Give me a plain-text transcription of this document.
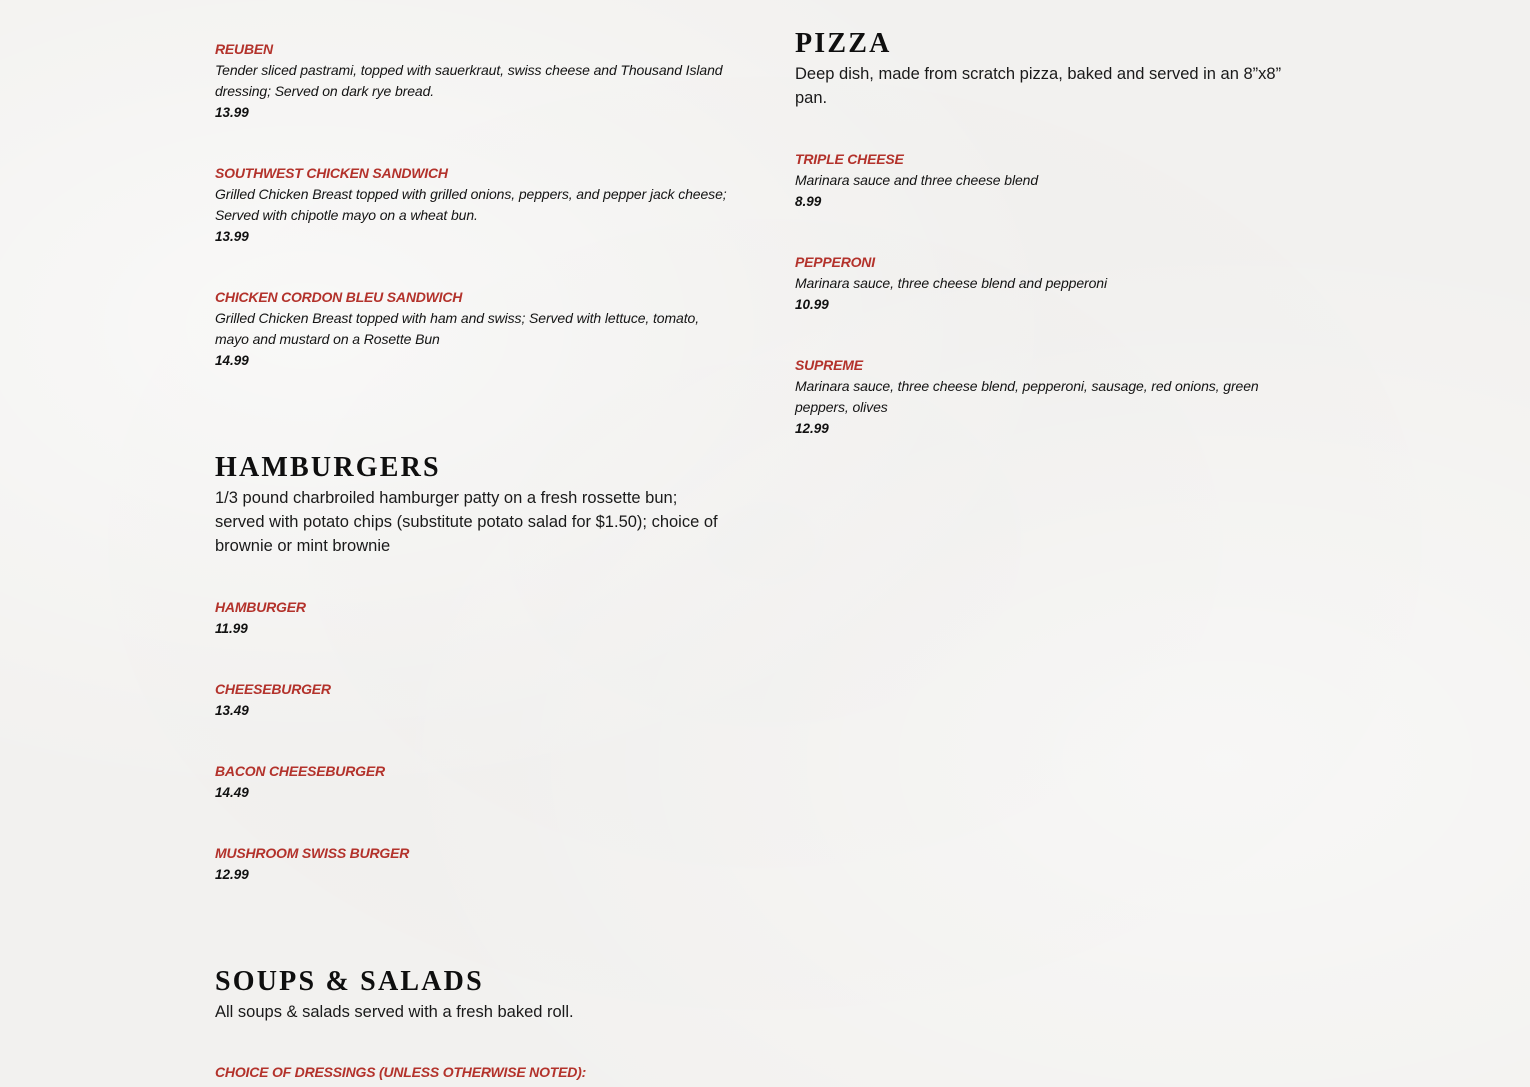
REUBEN
Tender sliced pastrami, topped with sauerkraut, swiss cheese and Thousand Island dressing; Served on dark rye bread.
13.99
SOUTHWEST CHICKEN SANDWICH
Grilled Chicken Breast topped with grilled onions, peppers, and pepper jack cheese; Served with chipotle mayo on a wheat bun.
13.99
CHICKEN CORDON BLEU SANDWICH
Grilled Chicken Breast topped with ham and swiss; Served with lettuce, tomato, mayo and mustard on a Rosette Bun
14.99
HAMBURGERS

1/3 pound charbroiled hamburger patty on a fresh rossette bun; served with potato chips (substitute potato salad for $1.50); choice of brownie or mint brownie

HAMBURGER
11.99
CHEESEBURGER
13.49
BACON CHEESEBURGER
14.49
MUSHROOM SWISS BURGER
12.99
SOUPS & SALADS

All soups & salads served with a fresh baked roll.

CHOICE OF DRESSINGS (UNLESS OTHERWISE NOTED):
PIZZA

Deep dish, made from scratch pizza, baked and served in an 8”x8” pan.

TRIPLE CHEESE
Marinara sauce and three cheese blend
8.99
PEPPERONI
Marinara sauce, three cheese blend and pepperoni
10.99
SUPREME
Marinara sauce, three cheese blend, pepperoni, sausage, red onions, green peppers, olives
12.99
